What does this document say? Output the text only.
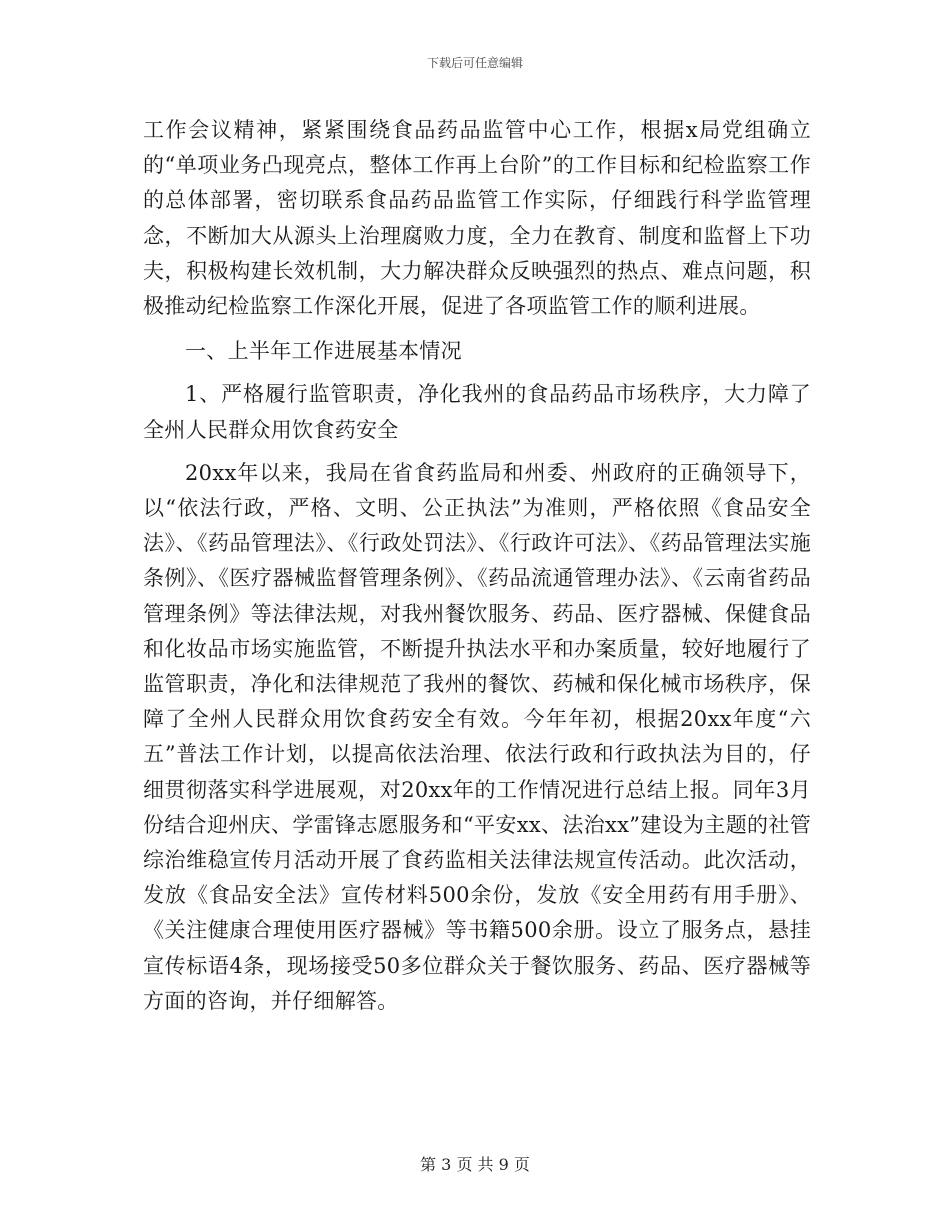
下载后可任意编辑

工作会议精神，紧紧围绕食品药品监管中心工作，根据x局党组确立的“单项业务凸现亮点，整体工作再上台阶”的工作目标和纪检监察工作的总体部署，密切联系食品药品监管工作实际，仔细践行科学监管理念，不断加大从源头上治理腐败力度，全力在教育、制度和监督上下功夫，积极构建长效机制，大力解决群众反映强烈的热点、难点问题，积极推动纪检监察工作深化开展，促进了各项监管工作的顺利进展。

一、上半年工作进展基本情况

1、严格履行监管职责，净化我州的食品药品市场秩序，大力障了全州人民群众用饮食药安全

20xx年以来，我局在省食药监局和州委、州政府的正确领导下，以“依法行政，严格、文明、公正执法”为准则，严格依照《食品安全法》、《药品管理法》、《行政处罚法》、《行政许可法》、《药品管理法实施条例》、《医疗器械监督管理条例》、《药品流通管理办法》、《云南省药品管理条例》等法律法规，对我州餐饮服务、药品、医疗器械、保健食品和化妆品市场实施监管，不断提升执法水平和办案质量，较好地履行了监管职责，净化和法律规范了我州的餐饮、药械和保化械市场秩序，保障了全州人民群众用饮食药安全有效。今年年初，根据20xx年度“六五”普法工作计划，以提高依法治理、依法行政和行政执法为目的，仔细贯彻落实科学进展观，对20xx年的工作情况进行总结上报。同年3月份结合迎州庆、学雷锋志愿服务和“平安xx、法治xx”建设为主题的社管综治维稳宣传月活动开展了食药监相关法律法规宣传活动。此次活动，发放《食品安全法》宣传材料500余份，发放《安全用药有用手册》、《关注健康合理使用医疗器械》等书籍500余册。设立了服务点，悬挂宣传标语4条，现场接受50多位群众关于餐饮服务、药品、医疗器械等方面的咨询，并仔细解答。

第 3 页 共 9 页
